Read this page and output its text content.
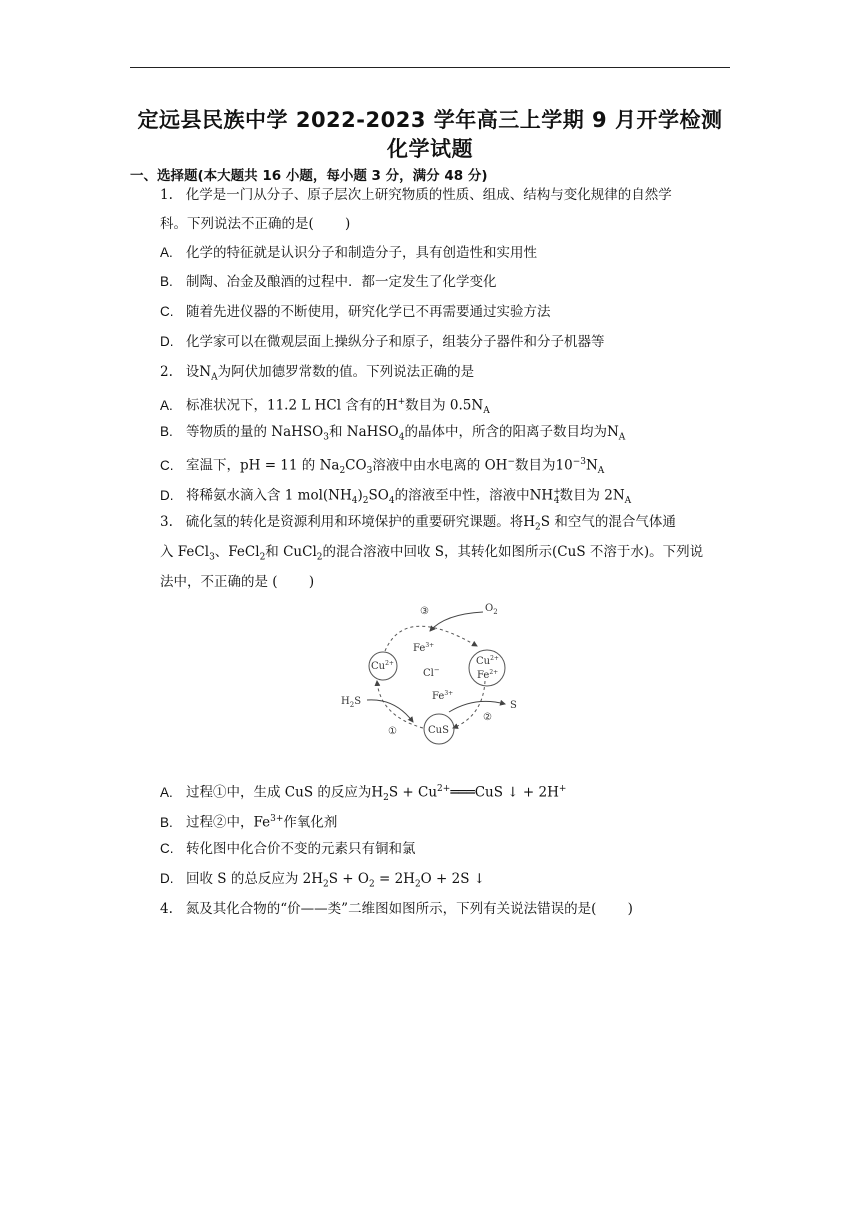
定远县民族中学 2022-2023 学年高三上学期 9 月开学检测
化学试题
一、选择题(本大题共 16 小题，每小题 3 分，满分 48 分)
1. 化学是一门从分子、原子层次上研究物质的性质、组成、结构与变化规律的自然学
科。下列说法不正确的是(　　 )
A. 化学的特征就是认识分子和制造分子，具有创造性和实用性
B. 制陶、冶金及酿酒的过程中．都一定发生了化学变化
C. 随着先进仪器的不断使用，研究化学已不再需要通过实验方法
D. 化学家可以在微观层面上操纵分子和原子，组装分子器件和分子机器等
2. 设$N_A$为阿伏加德罗常数的值。下列说法正确的是
A. 标准状况下，11.2 L HCl 含有的H+数目为 $0.5N_A$
B. 等物质的量的 NaHSO$_3$和 NaHSO$_4$的晶体中，所含的阳离子数目均为$N_A$
C. 室温下，pH = 11 的 $Na_2CO_3$溶液中由水电离的 OH−数目为$10^{-3}N_A$
D. 将稀氨水滴入含 1 $mol(NH_4)_2SO_4$的溶液至中性，溶液中$NH^+_4$数目为 $2N_A$
3. 硫化氢的转化是资源利用和环境保护的重要研究课题。将$H_2S$ 和空气的混合气体通
入 FeCl$_3$、FeCl$_2$和 CuCl$_2$的混合溶液中回收 S，其转化如图所示(CuS 不溶于水)。下列说
法中，不正确的是 (　　 )
③	$O_2$
$Fe^{3+}$
$Cu^{2+}$
Cl−
$Cu^{2+}$
$Fe^{2+}$
$Fe^{3+}$
$H_2S$	S
①
②
CuS
A. 过程①中，生成 CuS 的反应为$H_2S$ + $Cu^{2+}═══CuS$ ↓ + 2H+
B. 过程②中，$Fe^{3+}$作氧化剂
C. 转化图中化合价不变的元素只有铜和氯
D. 回收 S 的总反应为 $2H_2S + O_2 = 2H_2O + 2S$ ↓
4. 氮及其化合物的“价——类”二维图如图所示，下列有关说法错误的是(　　 )
